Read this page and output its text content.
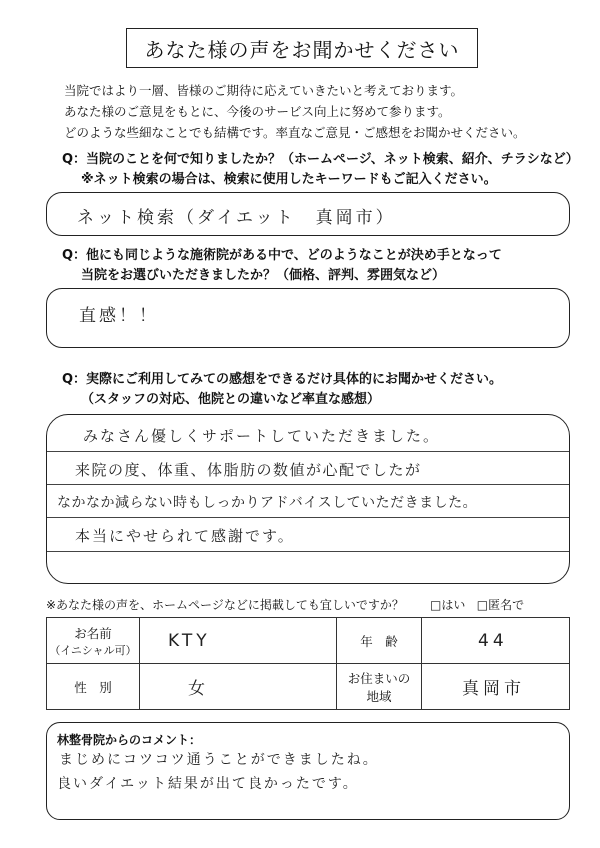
あなた様の声をお聞かせください
当院ではより一層、皆様のご期待に応えていきたいと考えております。
あなた様のご意見をもとに、今後のサービス向上に努めて参ります。
どのような些細なことでも結構です。率直なご意見・ご感想をお聞かせください。
Q：当院のことを何で知りましたか？（ホームページ、ネット検索、紹介、チラシなど）
※ネット検索の場合は、検索に使用したキーワードもご記入ください。
ネット検索（ダイエット　真岡市）
Q：他にも同じような施術院がある中で、どのようなことが決め手となって
当院をお選びいただきましたか？（価格、評判、雰囲気など）
直感！！
Q：実際にご利用してみての感想をできるだけ具体的にお聞かせください。
（スタッフの対応、他院との違いなど率直な感想）
みなさん優しくサポートしていただきました。
来院の度、体重、体脂肪の数値が心配でしたが
なかなか減らない時もしっかりアドバイスしていただきました。
本当にやせられて感謝です。
※あなた様の声を、ホームページなどに掲載しても宜しいですか？ □はい □匿名で
お名前
（イニシャル可）	KTY	年　齢	44
性　別	女	お住まいの
地域	真岡市
林整骨院からのコメント：
まじめにコツコツ通うことができましたね。
良いダイエット結果が出て良かったです。
